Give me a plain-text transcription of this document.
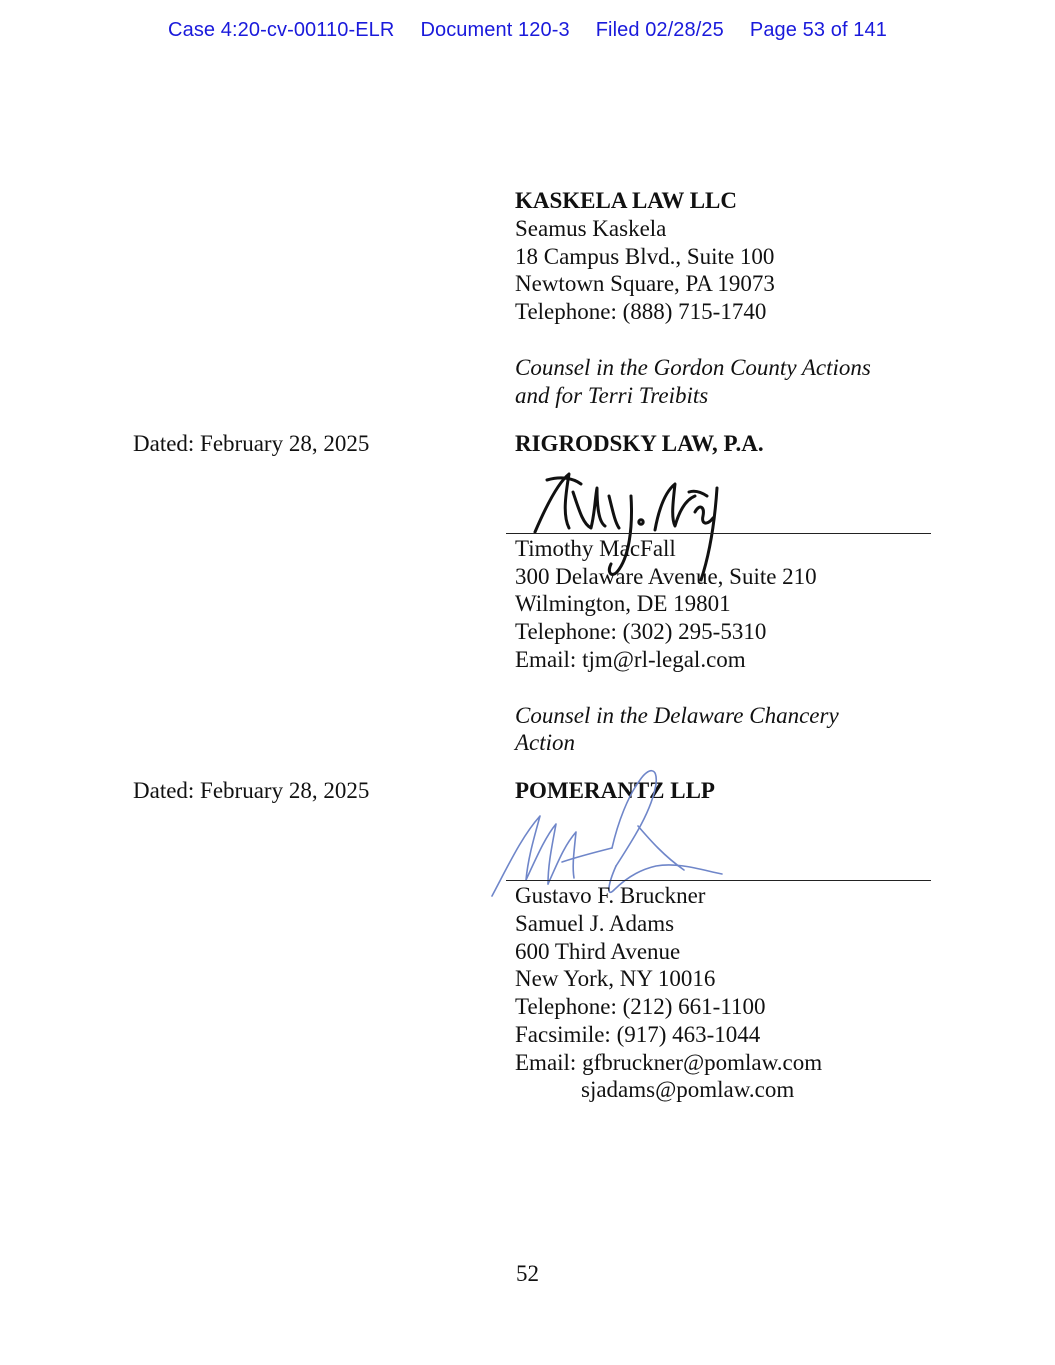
Case 4:20-cv-00110-ELR Document 120-3 Filed 02/28/25 Page 53 of 141
KASKELA LAW LLC
Seamus Kaskela
18 Campus Blvd., Suite 100
Newtown Square, PA 19073
Telephone: (888) 715-1740
Counsel in the Gordon County Actions
and for Terri Treibits
Dated: February 28, 2025	RIGRODSKY LAW, P.A.
Timothy MacFall
300 Delaware Avenue, Suite 210
Wilmington, DE 19801
Telephone: (302) 295-5310
Email: tjm@rl-legal.com
Counsel in the Delaware Chancery
Action
Dated: February 28, 2025	POMERANTZ LLP
Gustavo F. Bruckner
Samuel J. Adams
600 Third Avenue
New York, NY 10016
Telephone: (212) 661-1100
Facsimile: (917) 463-1044
Email: gfbruckner@pomlaw.com
sjadams@pomlaw.com
52
